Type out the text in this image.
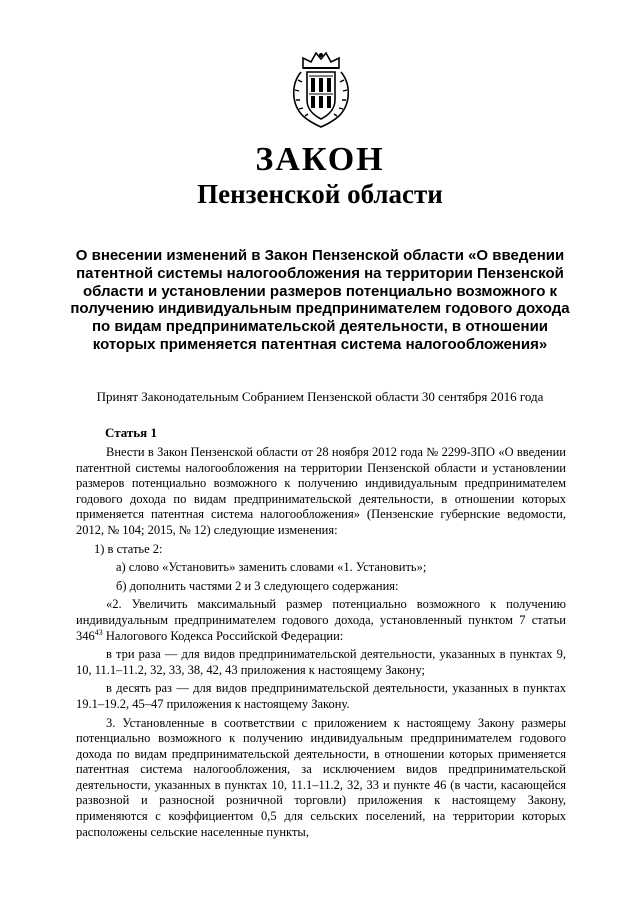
ЗАКОН
Пензенской области
О внесении изменений в Закон Пензенской области «О введении патентной системы налогообложения на территории Пензенской области и установлении размеров потенциально возможного к получению индивидуальным предпринимателем годового дохода по видам предпринимательской деятельности, в отношении которых применяется патентная система налогообложения»
Принят Законодательным Собранием Пензенской области 30 сентября 2016 года
Статья 1

Внести в Закон Пензенской области от 28 ноября 2012 года № 2299-ЗПО «О введении патентной системы налогообложения на территории Пензенской области и установлении размеров потенциально возможного к получению индивидуальным предпринимателем годового дохода по видам предпринимательской деятельности, в отношении которых применяется патентная система налогообложения» (Пензенские губернские ведомости, 2012, № 104; 2015, № 12) следующие изменения:

1) в статье 2:

а) слово «Установить» заменить словами «1. Установить»;

б) дополнить частями 2 и 3 следующего содержания:

«2. Увеличить максимальный размер потенциально возможного к получению индивидуальным предпринимателем годового дохода, установленный пунктом 7 статьи $346^{43}$ Налогового Кодекса Российской Федерации:

в три раза — для видов предпринимательской деятельности, указанных в пунктах 9, 10, 11.1–11.2, 32, 33, 38, 42, 43 приложения к настоящему Закону;

в десять раз — для видов предпринимательской деятельности, указанных в пунктах 19.1–19.2, 45–47 приложения к настоящему Закону.

3. Установленные в соответствии с приложением к настоящему Закону размеры потенциально возможного к получению индивидуальным предпринимателем годового дохода по видам предпринимательской деятельности, в отношении которых применяется патентная система налогообложения, за исключением видов предпринимательской деятельности, указанных в пунктах 10, 11.1–11.2, 32, 33 и пункте 46 (в части, касающейся развозной и разносной розничной торговли) приложения к настоящему Закону, применяются с коэффициентом 0,5 для сельских поселений, на территории которых расположены сельские населенные пункты,
